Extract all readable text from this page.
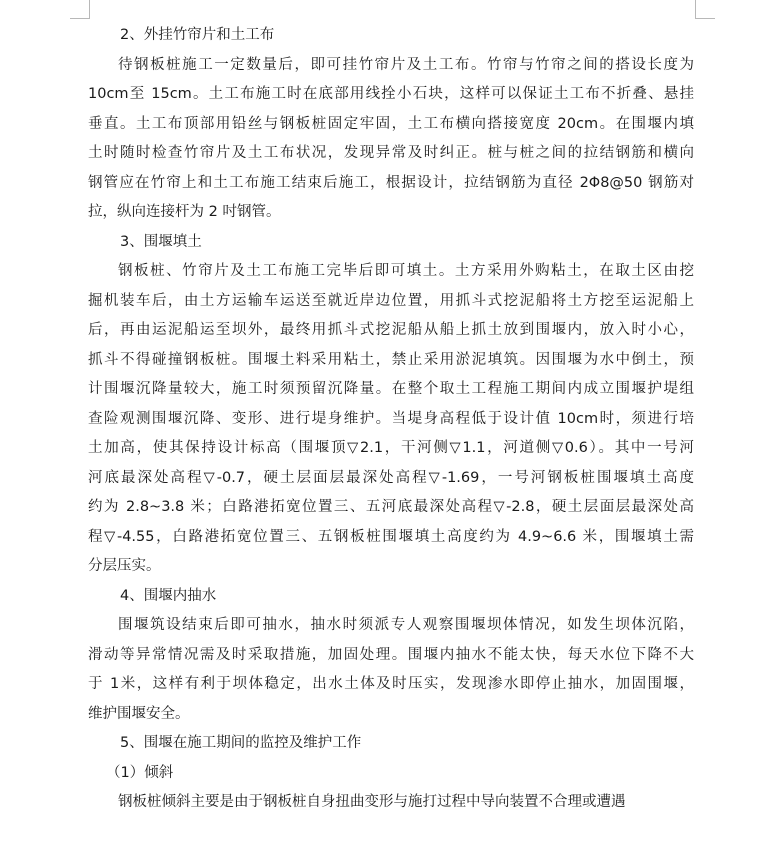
2、外挂竹帘片和土工布
待钢板桩施工一定数量后，即可挂竹帘片及土工布。竹帘与竹帘之间的搭设长度为
10cm至 15cm。土工布施工时在底部用线拴小石块，这样可以保证土工布不折叠、悬挂
垂直。土工布顶部用铅丝与钢板桩固定牢固，土工布横向搭接宽度 20cm。在围堰内填
土时随时检查竹帘片及土工布状况，发现异常及时纠正。桩与桩之间的拉结钢筋和横向
钢管应在竹帘上和土工布施工结束后施工，根据设计，拉结钢筋为直径 2Φ8@50 钢筋对
拉，纵向连接杆为 2 吋钢管。
3、围堰填土
钢板桩、竹帘片及土工布施工完毕后即可填土。土方采用外购粘土，在取土区由挖
掘机装车后，由土方运输车运送至就近岸边位置，用抓斗式挖泥船将土方挖至运泥船上
后，再由运泥船运至坝外，最终用抓斗式挖泥船从船上抓土放到围堰内，放入时小心，
抓斗不得碰撞钢板桩。围堰土料采用粘土，禁止采用淤泥填筑。因围堰为水中倒土，预
计围堰沉降量较大，施工时须预留沉降量。在整个取土工程施工期间内成立围堰护堤组
查险观测围堰沉降、变形、进行堤身维护。当堤身高程低于设计值 10cm时，须进行培
土加高，使其保持设计标高（围堰顶▽2.1，干河侧▽1.1，河道侧▽0.6）。其中一号河
河底最深处高程▽-0.7，硬土层面层最深处高程▽-1.69，一号河钢板桩围堰填土高度
约为 2.8~3.8 米；白路港拓宽位置三、五河底最深处高程▽-2.8，硬土层面层最深处高
程▽-4.55，白路港拓宽位置三、五钢板桩围堰填土高度约为 4.9~6.6 米，围堰填土需
分层压实。
4、围堰内抽水
围堰筑设结束后即可抽水，抽水时须派专人观察围堰坝体情况，如发生坝体沉陷，
滑动等异常情况需及时采取措施，加固处理。围堰内抽水不能太快，每天水位下降不大
于 1米，这样有利于坝体稳定，出水土体及时压实，发现渗水即停止抽水，加固围堰，
维护围堰安全。
5、围堰在施工期间的监控及维护工作
（1）倾斜
钢板桩倾斜主要是由于钢板桩自身扭曲变形与施打过程中导向装置不合理或遭遇
